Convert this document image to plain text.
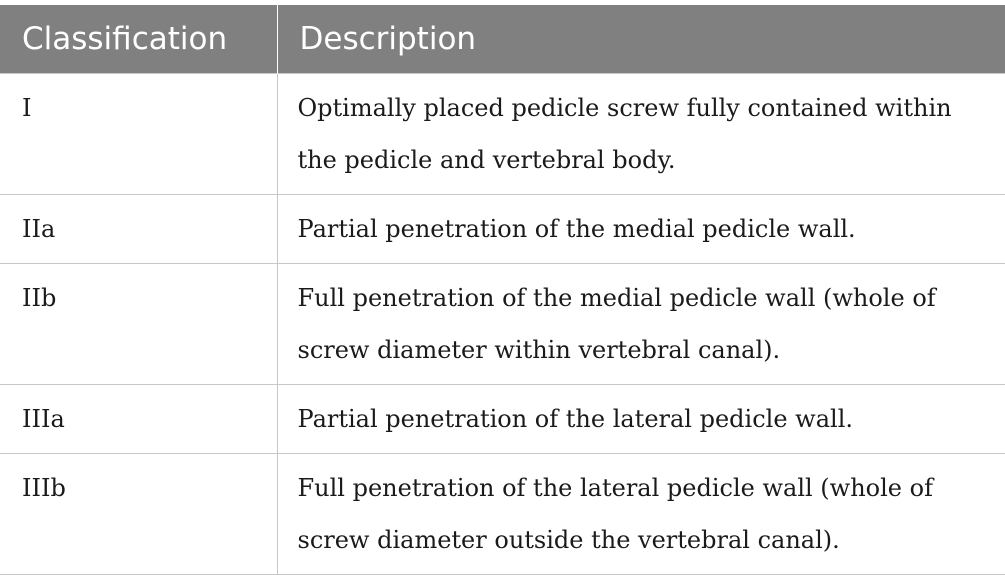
Classification	Description
I	Optimally placed pedicle screw fully contained within the pedicle and vertebral body.
IIa	Partial penetration of the medial pedicle wall.
IIb	Full penetration of the medial pedicle wall (whole of screw diameter within vertebral canal).
IIIa	Partial penetration of the lateral pedicle wall.
IIIb	Full penetration of the lateral pedicle wall (whole of screw diameter outside the vertebral canal).
